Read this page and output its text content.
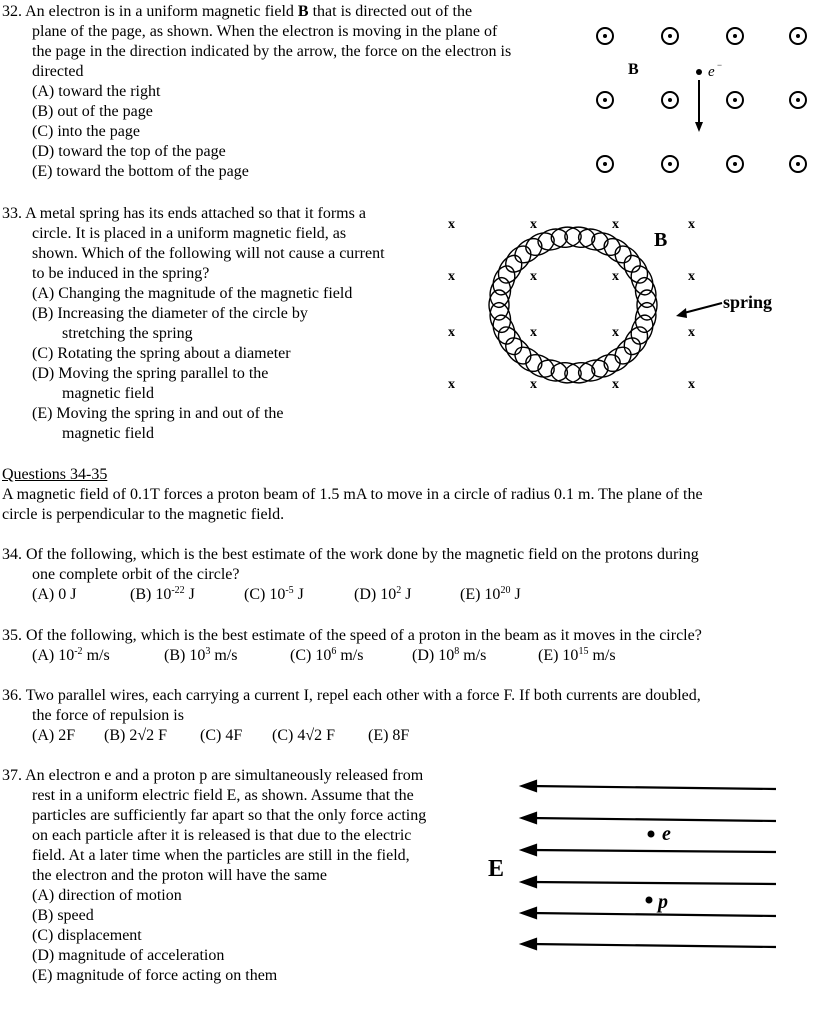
32. An electron is in a uniform magnetic field B that is directed out of the
plane of the page, as shown. When the electron is moving in the plane of
the page in the direction indicated by the arrow, the force on the electron is
directed
(A) toward the right
(B) out of the page
(C) into the page
(D) toward the top of the page
(E) toward the bottom of the page
B	e −
33. A metal spring has its ends attached so that it forms a
circle. It is placed in a uniform magnetic field, as
shown. Which of the following will not cause a current
to be induced in the spring?
(A) Changing the magnitude of the magnetic field
(B) Increasing the diameter of the circle by
stretching the spring
(C) Rotating the spring about a diameter
(D) Moving the spring parallel to the
magnetic field
(E) Moving the spring in and out of the
magnetic field
x	x	x	x
x	x	x	x
x	x	x	x
x	x	x	x
B
spring
Questions 34-35
A magnetic field of 0.1T forces a proton beam of 1.5 mA to move in a circle of radius 0.1 m. The plane of the
circle is perpendicular to the magnetic field.
34. Of the following, which is the best estimate of the work done by the magnetic field on the protons during
one complete orbit of the circle?
(A) 0 J	(B) $10^{-22}$ J	(C) $10^{-5}$ J	(D) $10^2$ J	(E) $10^{20}$ J
35. Of the following, which is the best estimate of the speed of a proton in the beam as it moves in the circle?
(A) $10^{-2}$ m/s	(B) $10^3$ m/s	(C) $10^6$ m/s	(D) $10^8$ m/s	(E) $10^{15}$ m/s
36. Two parallel wires, each carrying a current I, repel each other with a force F. If both currents are doubled,
the force of repulsion is
(A) 2F (B) 2√2 F (C) 4F (C) 4√2 F (E) 8F
37. An electron e and a proton p are simultaneously released from
rest in a uniform electric field E, as shown. Assume that the
particles are sufficiently far apart so that the only force acting
on each particle after it is released is that due to the electric
field. At a later time when the particles are still in the field,
the electron and the proton will have the same
(A) direction of motion
(B) speed
(C) displacement
(D) magnitude of acceleration
(E) magnitude of force acting on them
E
e
p
